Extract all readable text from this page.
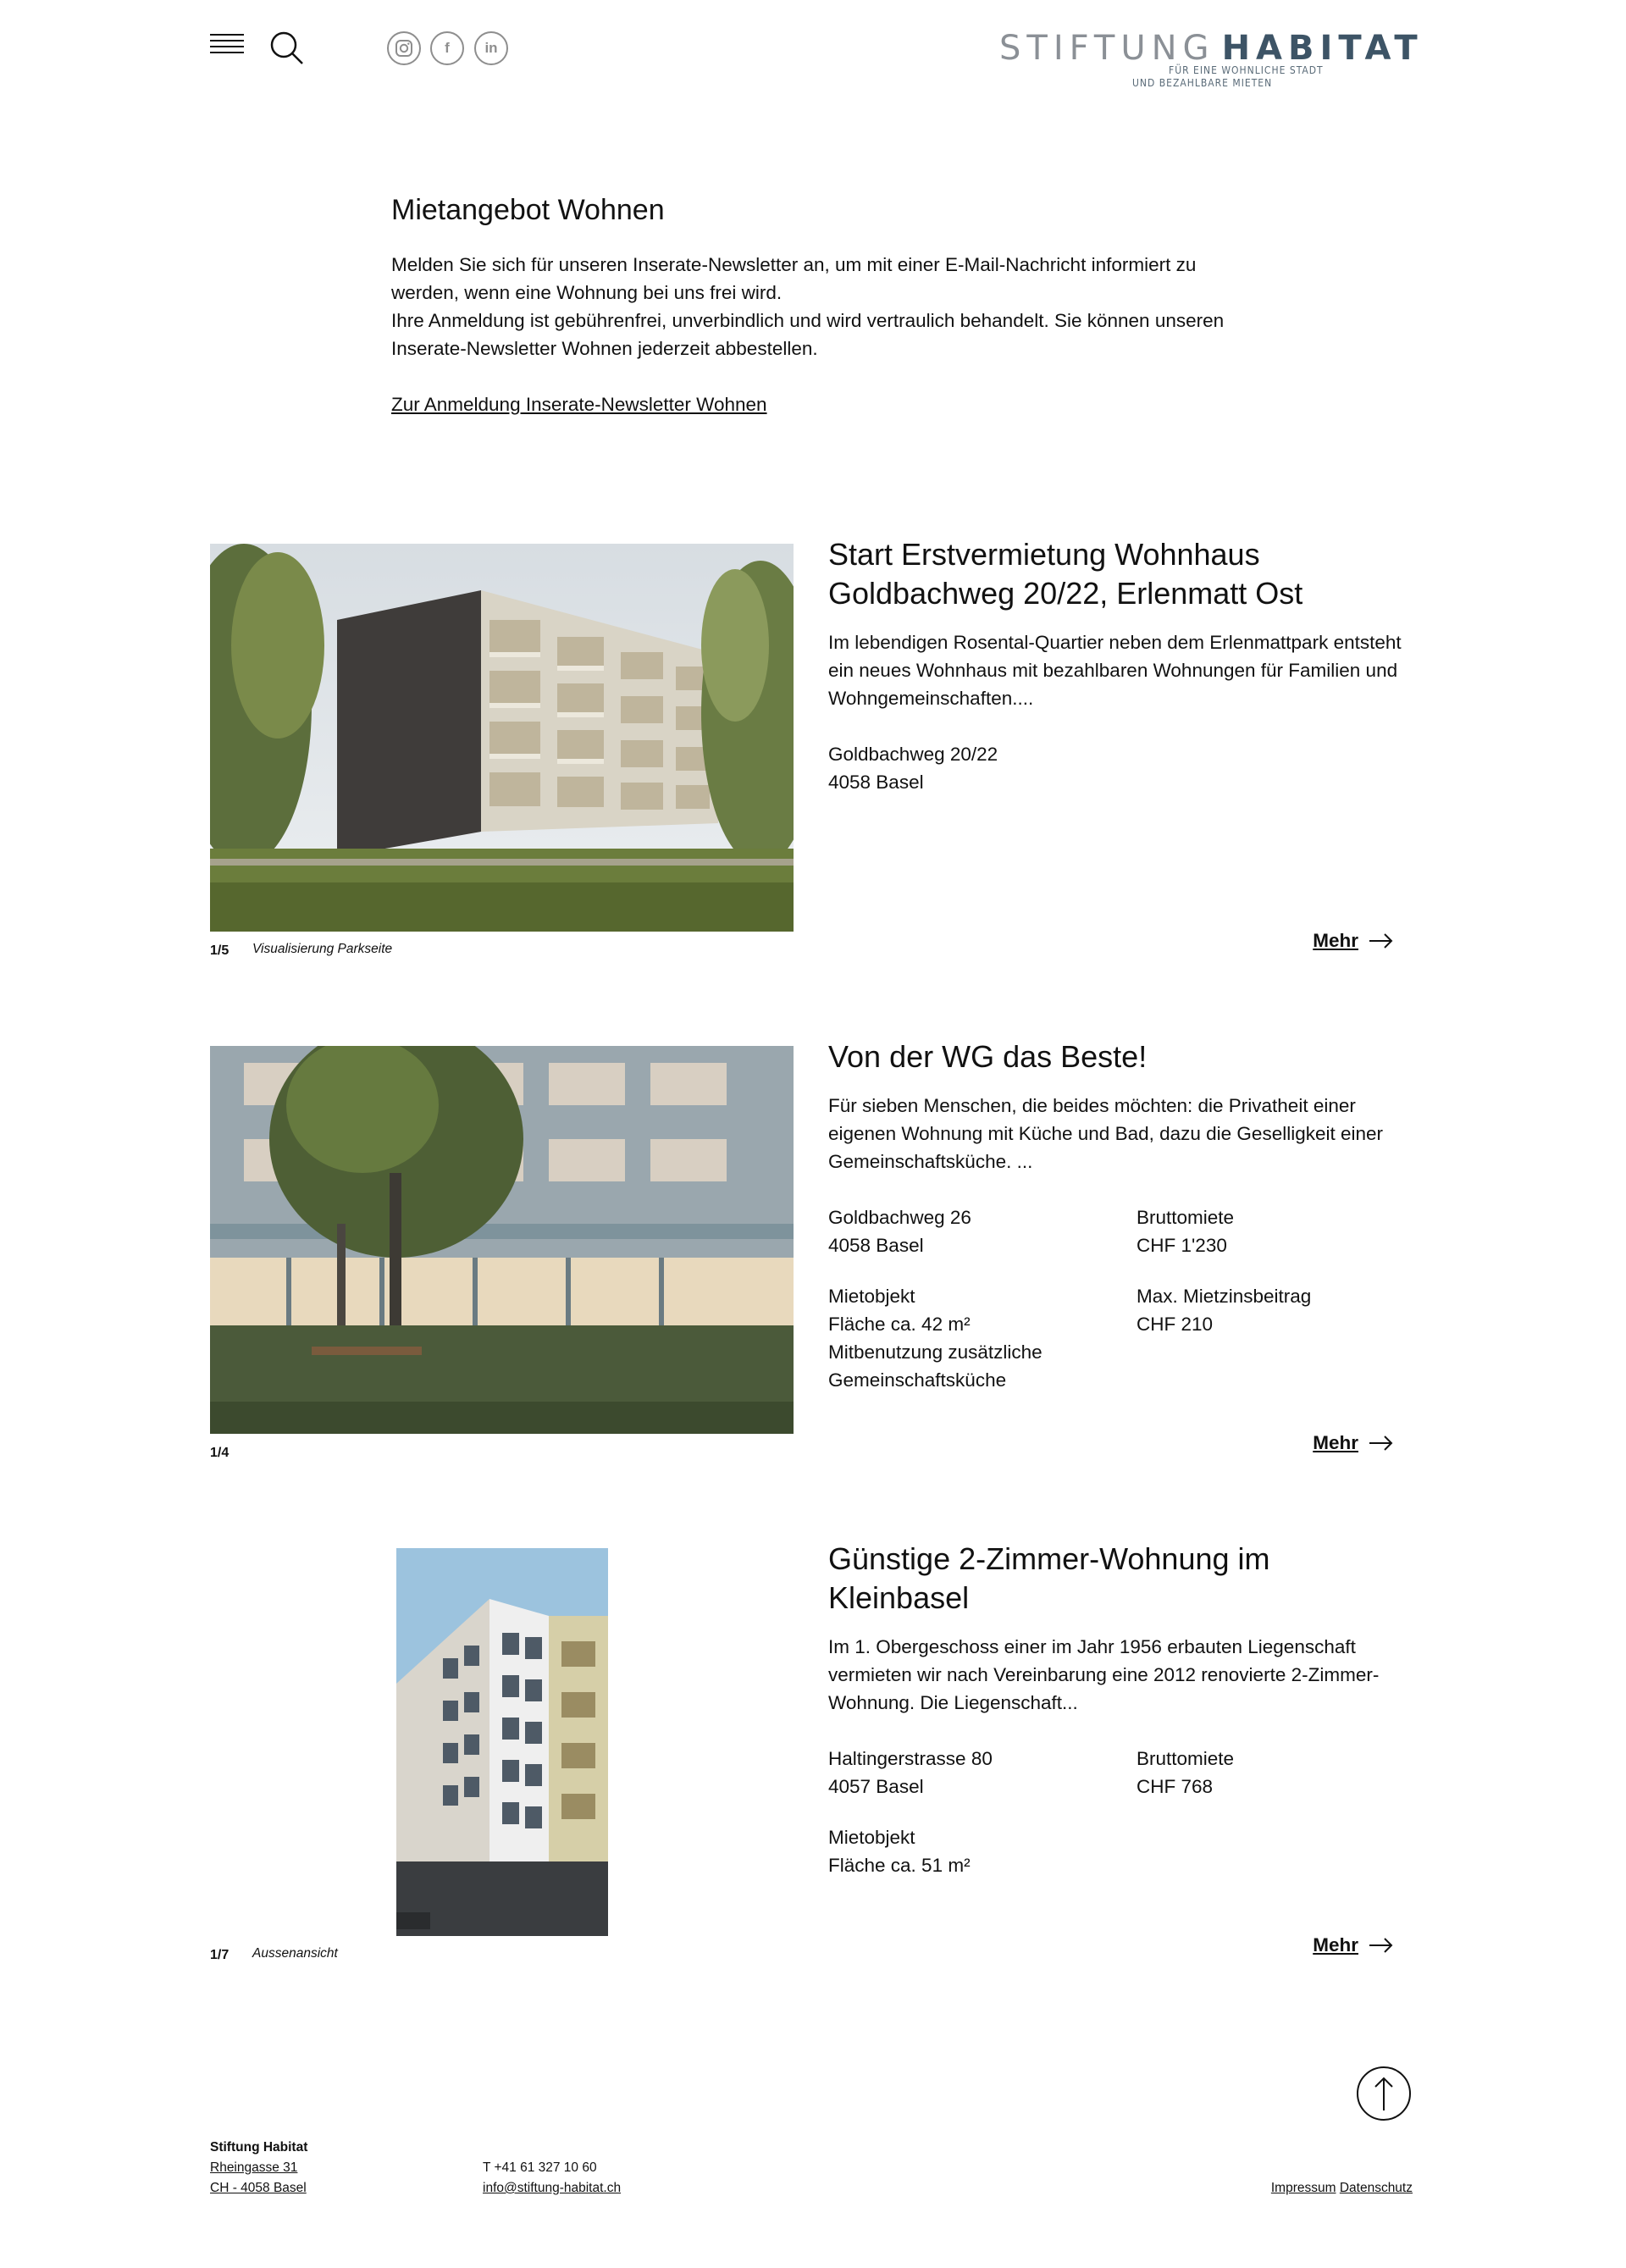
f	in	STIFTUNG HABITAT
FÜR EINE WOHNLICHE STADT
UND BEZAHLBARE MIETEN
Mietangebot Wohnen

Melden Sie sich für unseren Inserate-Newsletter an, um mit einer E-Mail-Nachricht informiert zu werden, wenn eine Wohnung bei uns frei wird.

Ihre Anmeldung ist gebührenfrei, unverbindlich und wird vertraulich behandelt. Sie können unseren Inserate-Newsletter Wohnen jederzeit abbestellen.

Zur Anmeldung Inserate-Newsletter Wohnen
1/5 Visualisierung Parkseite
Start Erstvermietung Wohnhaus Goldbachweg 20/22, Erlenmatt Ost

Im lebendigen Rosental-Quartier neben dem Erlenmattpark entsteht ein neues Wohnhaus mit bezahlbaren Wohnungen für Familien und Wohngemeinschaften....

Goldbachweg 20/22
4058 Basel
Mehr
1/4
Von der WG das Beste!

Für sieben Menschen, die beides möchten: die Privatheit einer eigenen Wohnung mit Küche und Bad, dazu die Geselligkeit einer Gemeinschaftsküche. ...

Goldbachweg 26
4058 Basel
Bruttomiete
CHF 1'230
Mietobjekt
Fläche ca. 42 m²
Mitbenutzung zusätzliche Gemeinschaftsküche
Max. Mietzinsbeitrag
CHF 210
Mehr
1/7 Aussenansicht
Günstige 2-Zimmer-Wohnung im Kleinbasel

Im 1. Obergeschoss einer im Jahr 1956 erbauten Liegenschaft vermieten wir nach Vereinbarung eine 2012 renovierte 2-Zimmer-Wohnung. Die Liegenschaft...

Haltingerstrasse 80
4057 Basel
Bruttomiete
CHF 768
Mietobjekt
Fläche ca. 51 m²
Mehr
Stiftung Habitat
Rheingasse 31
CH - 4058 Basel
T +41 61 327 10 60
info@stiftung-habitat.ch	Impressum Datenschutz
